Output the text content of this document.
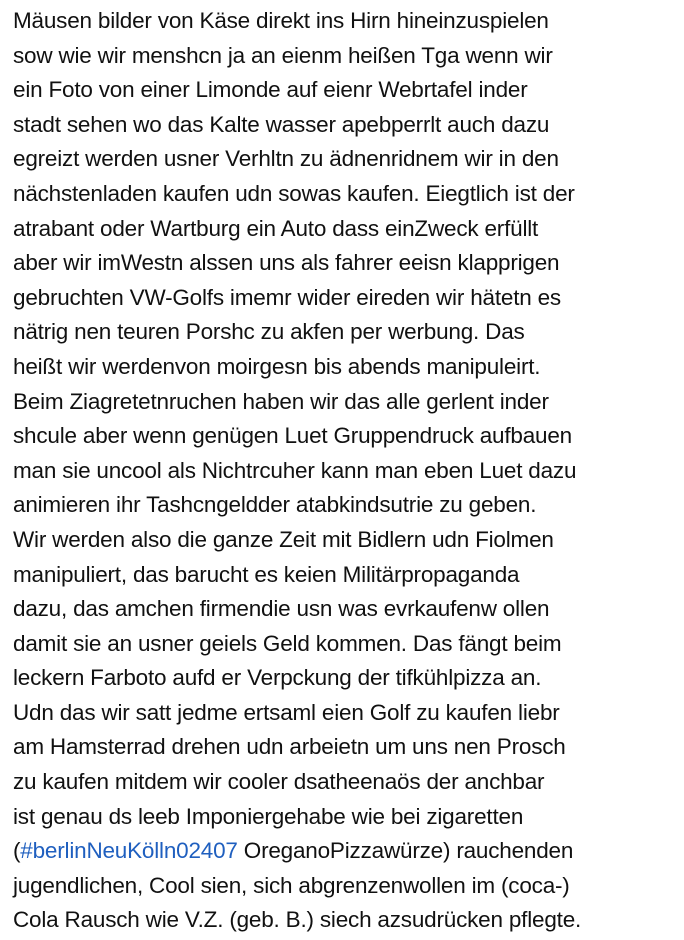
Mäusen bilder von Käse direkt ins Hirn hineinzuspielen
sow wie wir menshcn ja an eienm heißen Tga wenn wir
ein Foto von einer Limonde auf eienr Webrtafel inder
stadt sehen wo das Kalte wasser apebperrlt auch dazu
egreizt werden usner Verhltn zu ädnenridnem wir in den
nächstenladen kaufen udn sowas kaufen. Eiegtlich ist der
atrabant oder Wartburg ein Auto dass einZweck erfüllt
aber wir imWestn alssen uns als fahrer eeisn klapprigen
gebruchten VW-Golfs imemr wider eireden wir hätetn es
nätrig nen teuren Porshc zu akfen per werbung. Das
heißt wir werdenvon moirgesn bis abends manipuleirt.
Beim Ziagretetnruchen haben wir das alle gerlent inder
shcule aber wenn genügen Luet Gruppendruck aufbauen
man sie uncool als Nichtrcuher kann man eben Luet dazu
animieren ihr Tashcngeldder atabkindsutrie zu geben.
Wir werden also die ganze Zeit mit Bidlern udn Fiolmen
manipuliert, das barucht es keien Militärpropaganda
dazu, das amchen firmendie usn was evrkaufenw ollen
damit sie an usner geiels Geld kommen. Das fängt beim
leckern Farboto aufd er Verpckung der tifkühlpizza an.
Udn das wir satt jedme ertsaml eien Golf zu kaufen liebr
am Hamsterrad drehen udn arbeietn um uns nen Prosch
zu kaufen mitdem wir cooler dsatheenaös der anchbar
ist genau ds leeb Imponiergehabe wie bei zigaretten
(#berlinNeuKölln02407 OreganoPizzawürze) rauchenden
jugendlichen, Cool sien, sich abgrenzenwollen im (coca-)
Cola Rausch wie V.Z. (geb. B.) siech azsudrücken pflegte.
